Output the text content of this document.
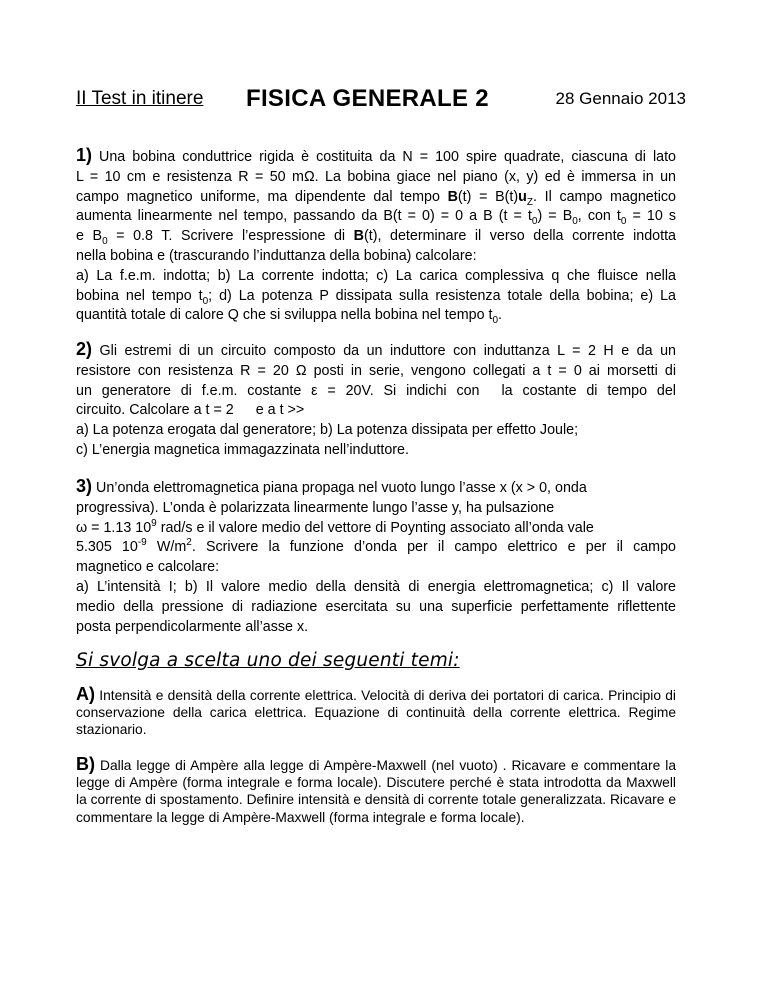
II Test in itinere FISICA GENERALE 2	28 Gennaio 2013
1) Una bobina conduttrice rigida è costituita da N = 100 spire quadrate, ciascuna di lato
L = 10 cm e resistenza R = 50 mΩ. La bobina giace nel piano (x, y) ed è immersa in un
campo magnetico uniforme, ma dipendente dal tempo $B(t) = B(t)u_Z$. Il campo magnetico
aumenta linearmente nel tempo, passando da B(t = 0) = 0 a B $(t = t_0) = B_0$, con $t_0 = 10$ s
e $B_0 = 0.8$ T. Scrivere l’espressione di B(t), determinare il verso della corrente indotta
nella bobina e (trascurando l’induttanza della bobina) calcolare:
a) La f.e.m. indotta; b) La corrente indotta; c) La carica complessiva q che fluisce nella
bobina nel tempo $t_0$; d) La potenza P dissipata sulla resistenza totale della bobina; e) La
quantità totale di calore Q che si sviluppa nella bobina nel tempo $t_0$.
2) Gli estremi di un circuito composto da un induttore con induttanza L = 2 H e da un
resistore con resistenza R = 20 Ω posti in serie, vengono collegati a t = 0 ai morsetti di
un generatore di f.e.m. costante ε = 20V. Si indichi con la costante di tempo del
circuito. Calcolare a t = 2 e a t >>
a) La potenza erogata dal generatore; b) La potenza dissipata per effetto Joule;
c) L’energia magnetica immagazzinata nell’induttore.
3) Un’onda elettromagnetica piana propaga nel vuoto lungo l’asse x (x > 0, onda
progressiva). L’onda è polarizzata linearmente lungo l’asse y, ha pulsazione
ω = 1.13 $10^9$ rad/s e il valore medio del vettore di Poynting associato all’onda vale
5.305 $10^{-9}$ $W/m^2$. Scrivere la funzione d’onda per il campo elettrico e per il campo
magnetico e calcolare:
a) L’intensità I; b) Il valore medio della densità di energia elettromagnetica; c) Il valore
medio della pressione di radiazione esercitata su una superficie perfettamente riflettente
posta perpendicolarmente all’asse x.
Si svolga a scelta uno dei seguenti temi:
A) Intensità e densità della corrente elettrica. Velocità di deriva dei portatori di carica. Principio di conservazione della carica elettrica. Equazione di continuità della corrente elettrica. Regime stazionario.
B) Dalla legge di Ampère alla legge di Ampère-Maxwell (nel vuoto) . Ricavare e commentare la legge di Ampère (forma integrale e forma locale). Discutere perché è stata introdotta da Maxwell la corrente di spostamento. Definire intensità e densità di corrente totale generalizzata. Ricavare e commentare la legge di Ampère-Maxwell (forma integrale e forma locale).
